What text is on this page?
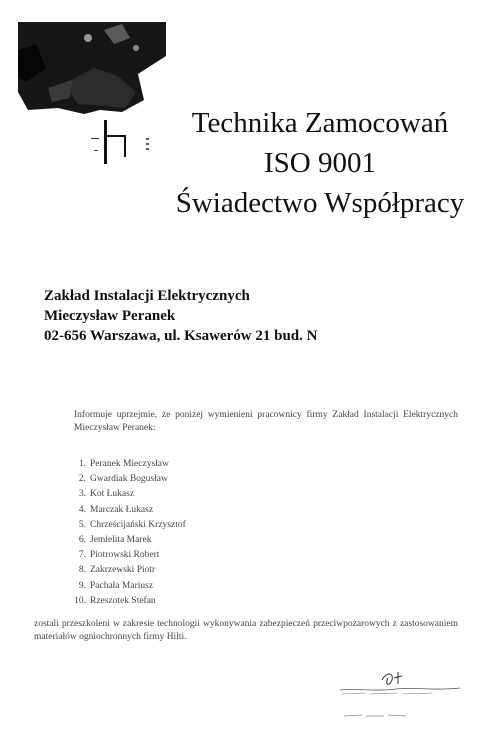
Technika Zamocowań
ISO 9001
Świadectwo Współpracy
Zakład Instalacji Elektrycznych
Mieczysław Peranek
02-656 Warszawa, ul. Ksawerów 21 bud. N
Informuje uprzejmie, że poniżej wymienieni pracownicy firmy Zakład Instalacji Elektrycznych Mieczysław Peranek:
1. Peranek Mieczysław
2. Gwardiak Bogusław
3. Kot Łukasz
4. Marczak Łukasz
5. Chrześcijański Krzysztof
6. Jemielita Marek
7. Piotrowski Robert
8. Zakrzewski Piotr
9. Pachała Mariusz
10. Rzeszotek Stefan
zostali przeszkoleni w zakresie technologii wykonywania zabezpieczeń przeciwpożarowych z zastosowaniem materiałów ogniochronnych firmy Hilti.
